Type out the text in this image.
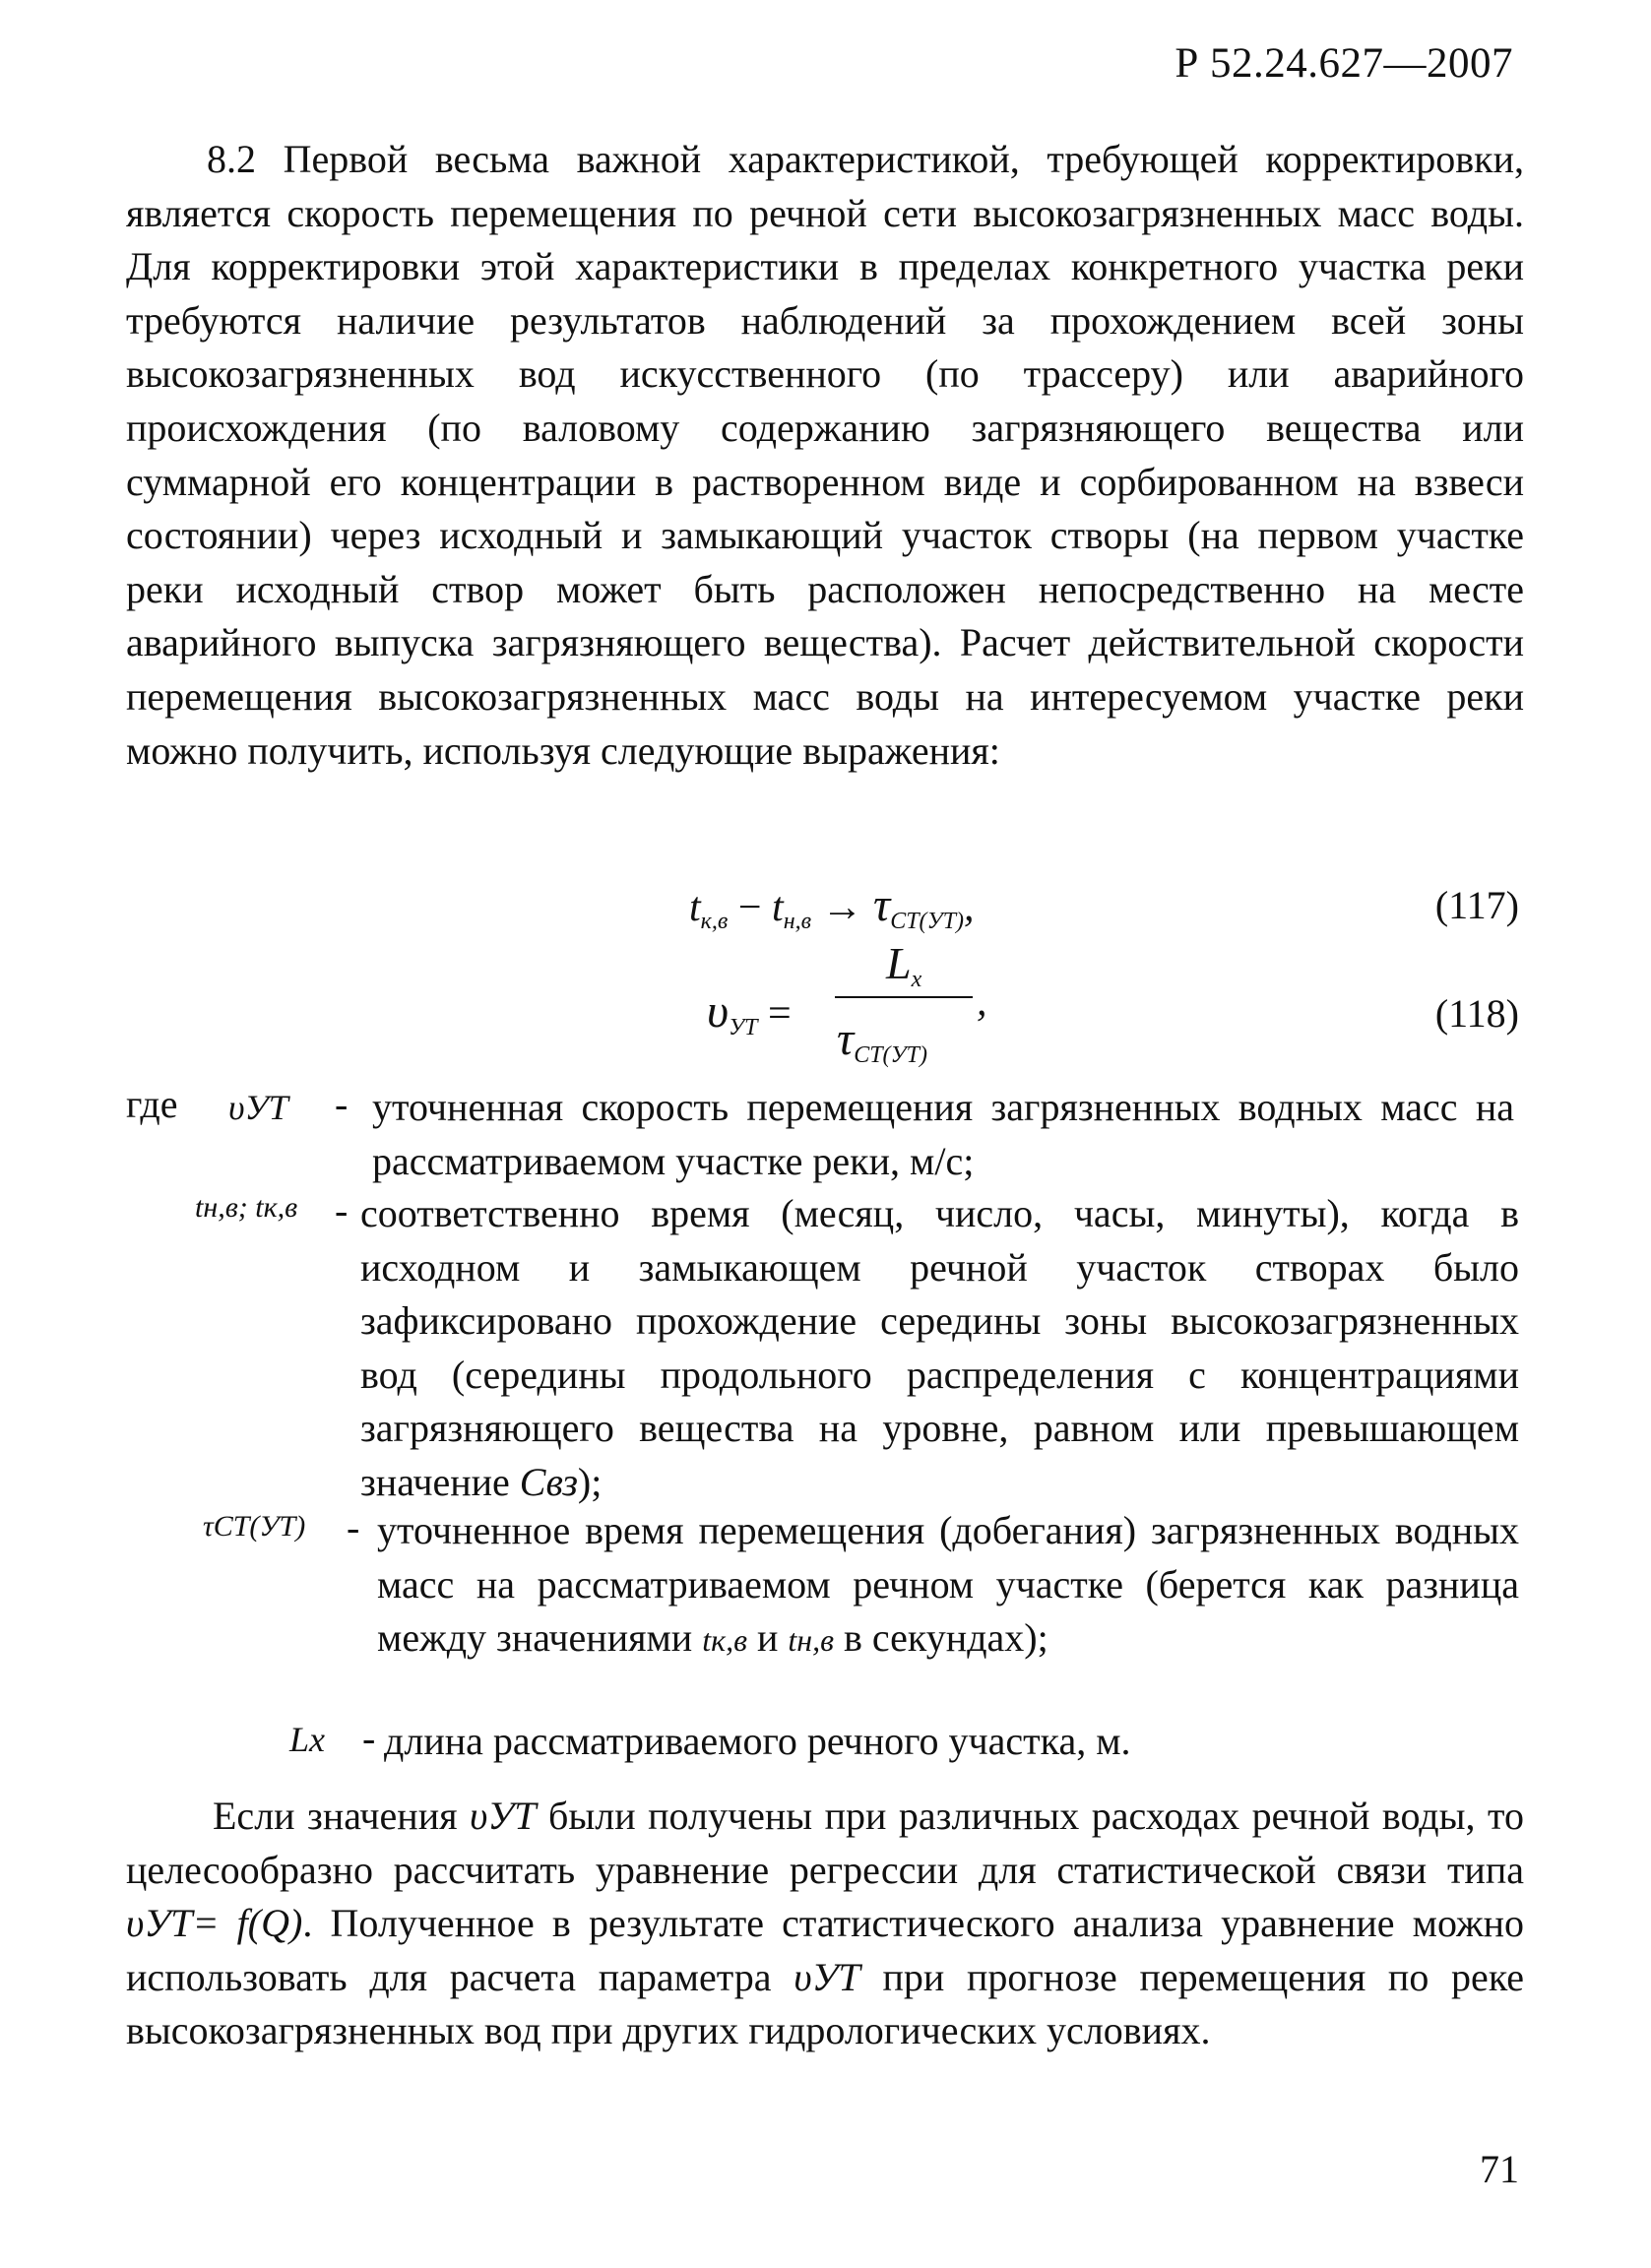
Р 52.24.627—2007
8.2 Первой весьма важной характеристикой, требующей корректировки, является скорость перемещения по речной сети высокозагрязненных масс воды. Для корректировки этой характеристики в пределах конкретного участка реки требуются наличие результатов наблюдений за прохождением всей зоны высокозагрязненных вод искусственного (по трассеру) или аварийного происхождения (по валовому содержанию загрязняющего вещества или суммарной его концентрации в растворенном виде и сорбированном на взвеси состоянии) через исходный и замыкающий участок створы (на первом участке реки исходный створ может быть расположен непосредственно на месте аварийного выпуска загрязняющего вещества). Расчет действительной скорости перемещения высокозагрязненных масс воды на интересуемом участке реки можно получить, используя следующие выражения:
$t_{к,в} - t_{н,в} \to \tau_{СТ(УТ)}$,	(117)
$\upsilon_{УТ}$ =
$L_x$ ,
$\tau_{СТ(УТ)}$
(118)
где υУТ - уточненная скорость перемещения загрязненных водных масс на рассматриваемом участке реки, м/с;
tн,в; tк,в - соответственно время (месяц, число, часы, минуты), когда в исходном и замыкающем речной участок створах было зафиксировано прохождение середины зоны высокозагрязненных вод (середины продольного распределения с концентрациями загрязняющего вещества на уровне, равном или превышающем значение Cвз);
τСТ(УТ) - уточненное время перемещения (добегания) загрязненных водных масс на рассматриваемом речном участке (берется как разница между значениями tк,в и tн,в в секундах);
Lx - длина рассматриваемого речного участка, м.
Если значения υУТ были получены при различных расходах речной воды, то целесообразно рассчитать уравнение регрессии для статистической связи типа υУТ= f(Q). Полученное в результате статистического анализа уравнение можно использовать для расчета параметра υУТ при прогнозе перемещения по реке высокозагрязненных вод при других гидрологических условиях.
71
